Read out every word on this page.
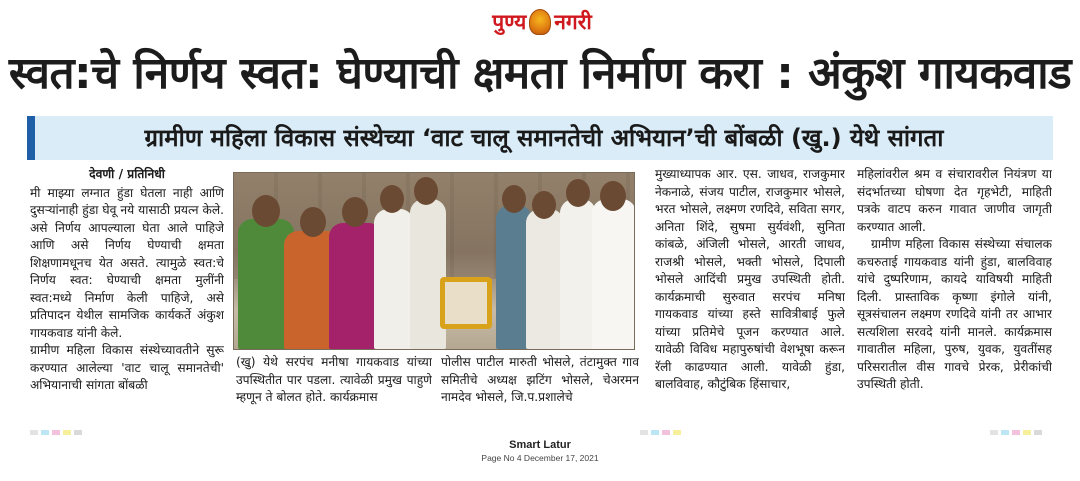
पुण्य नगरी
स्वत:चे निर्णय स्वत: घेण्याची क्षमता निर्माण करा : अंकुश गायकवाड
ग्रामीण महिला विकास संस्थेच्या ‘वाट चालू समानतेची अभियान’ची बोंबळी (खु.) येथे सांगता

देवणी / प्रतिनिधी

मी माझ्या लग्नात हुंडा घेतला नाही आणि दुसऱ्यांनाही हुंडा घेवू नये यासाठी प्रयत्न केले. असे निर्णय आपल्याला घेता आले पाहिजे आणि असे निर्णय घेण्याची क्षमता शिक्षणामधूनच येत असते. त्यामुळे स्वत:चे निर्णय स्वत: घेण्याची क्षमता मुलींनी स्वत:मध्ये निर्माण केली पाहिजे, असे प्रतिपादन येथील सामजिक कार्यकर्ते अंकुश गायकवाड यांनी केले.

ग्रामीण महिला विकास संस्थेच्यावतीने सुरू करण्यात आलेल्या 'वाट चालू समानतेची' अभियानाची सांगता बोंबळी

(खु) येथे सरपंच मनीषा गायकवाड यांच्या उपस्थितीत पार पडला. त्यावेळी प्रमुख पाहुणे म्हणून ते बोलत होते. कार्यक्रमास
पोलीस पाटील मारुती भोसले, तंटामुक्त गाव समितीचे अध्यक्ष झटिंग भोसले, चेअरमन नामदेव भोसले, जि.प.प्रशालेचे
मुख्याध्यापक आर. एस. जाधव, राजकुमार नेकनाळे, संजय पाटील, राजकुमार भोसले, भरत भोसले, लक्ष्मण रणदिवे, सविता सगर, अनिता शिंदे, सुषमा सुर्यवंशी, सुनिता कांबळे, अंजिली भोसले, आरती जाधव, राजश्री भोसले, भक्ती भोसले, दिपाली भोसले आदिंची प्रमुख उपस्थिती होती. कार्यक्रमाची सुरुवात सरपंच मनिषा गायकवाड यांच्या हस्ते सावित्रीबाई फुले यांच्या प्रतिमेचे पूजन करण्यात आले. यावेळी विविध महापुरुषांची वेशभूषा करून रॅली काढण्यात आली. यावेळी हुंडा, बालविवाह, कौटुंबिक हिंसाचार,

महिलांवरील श्रम व संचारावरील नियंत्रण या संदर्भातच्या घोषणा देत गृहभेटी, माहिती पत्रके वाटप करुन गावात जाणीव जागृती करण्यात आली.

ग्रामीण महिला विकास संस्थेच्या संचालक कचरुताई गायकवाड यांनी हुंडा, बालविवाह यांचे दुष्परिणाम, कायदे याविषयी माहिती दिली. प्रास्ताविक कृष्णा इंगोले यांनी, सूत्रसंचालन लक्ष्मण रणदिवे यांनी तर आभार सत्यशिला सरवदे यांनी मानले. कार्यक्रमास गावातील महिला, पुरुष, युवक, युवतींसह परिसरातील वीस गावचे प्रेरक, प्रेरीकांची उपस्थिती होती.

Smart Latur
Page No 4 December 17, 2021
